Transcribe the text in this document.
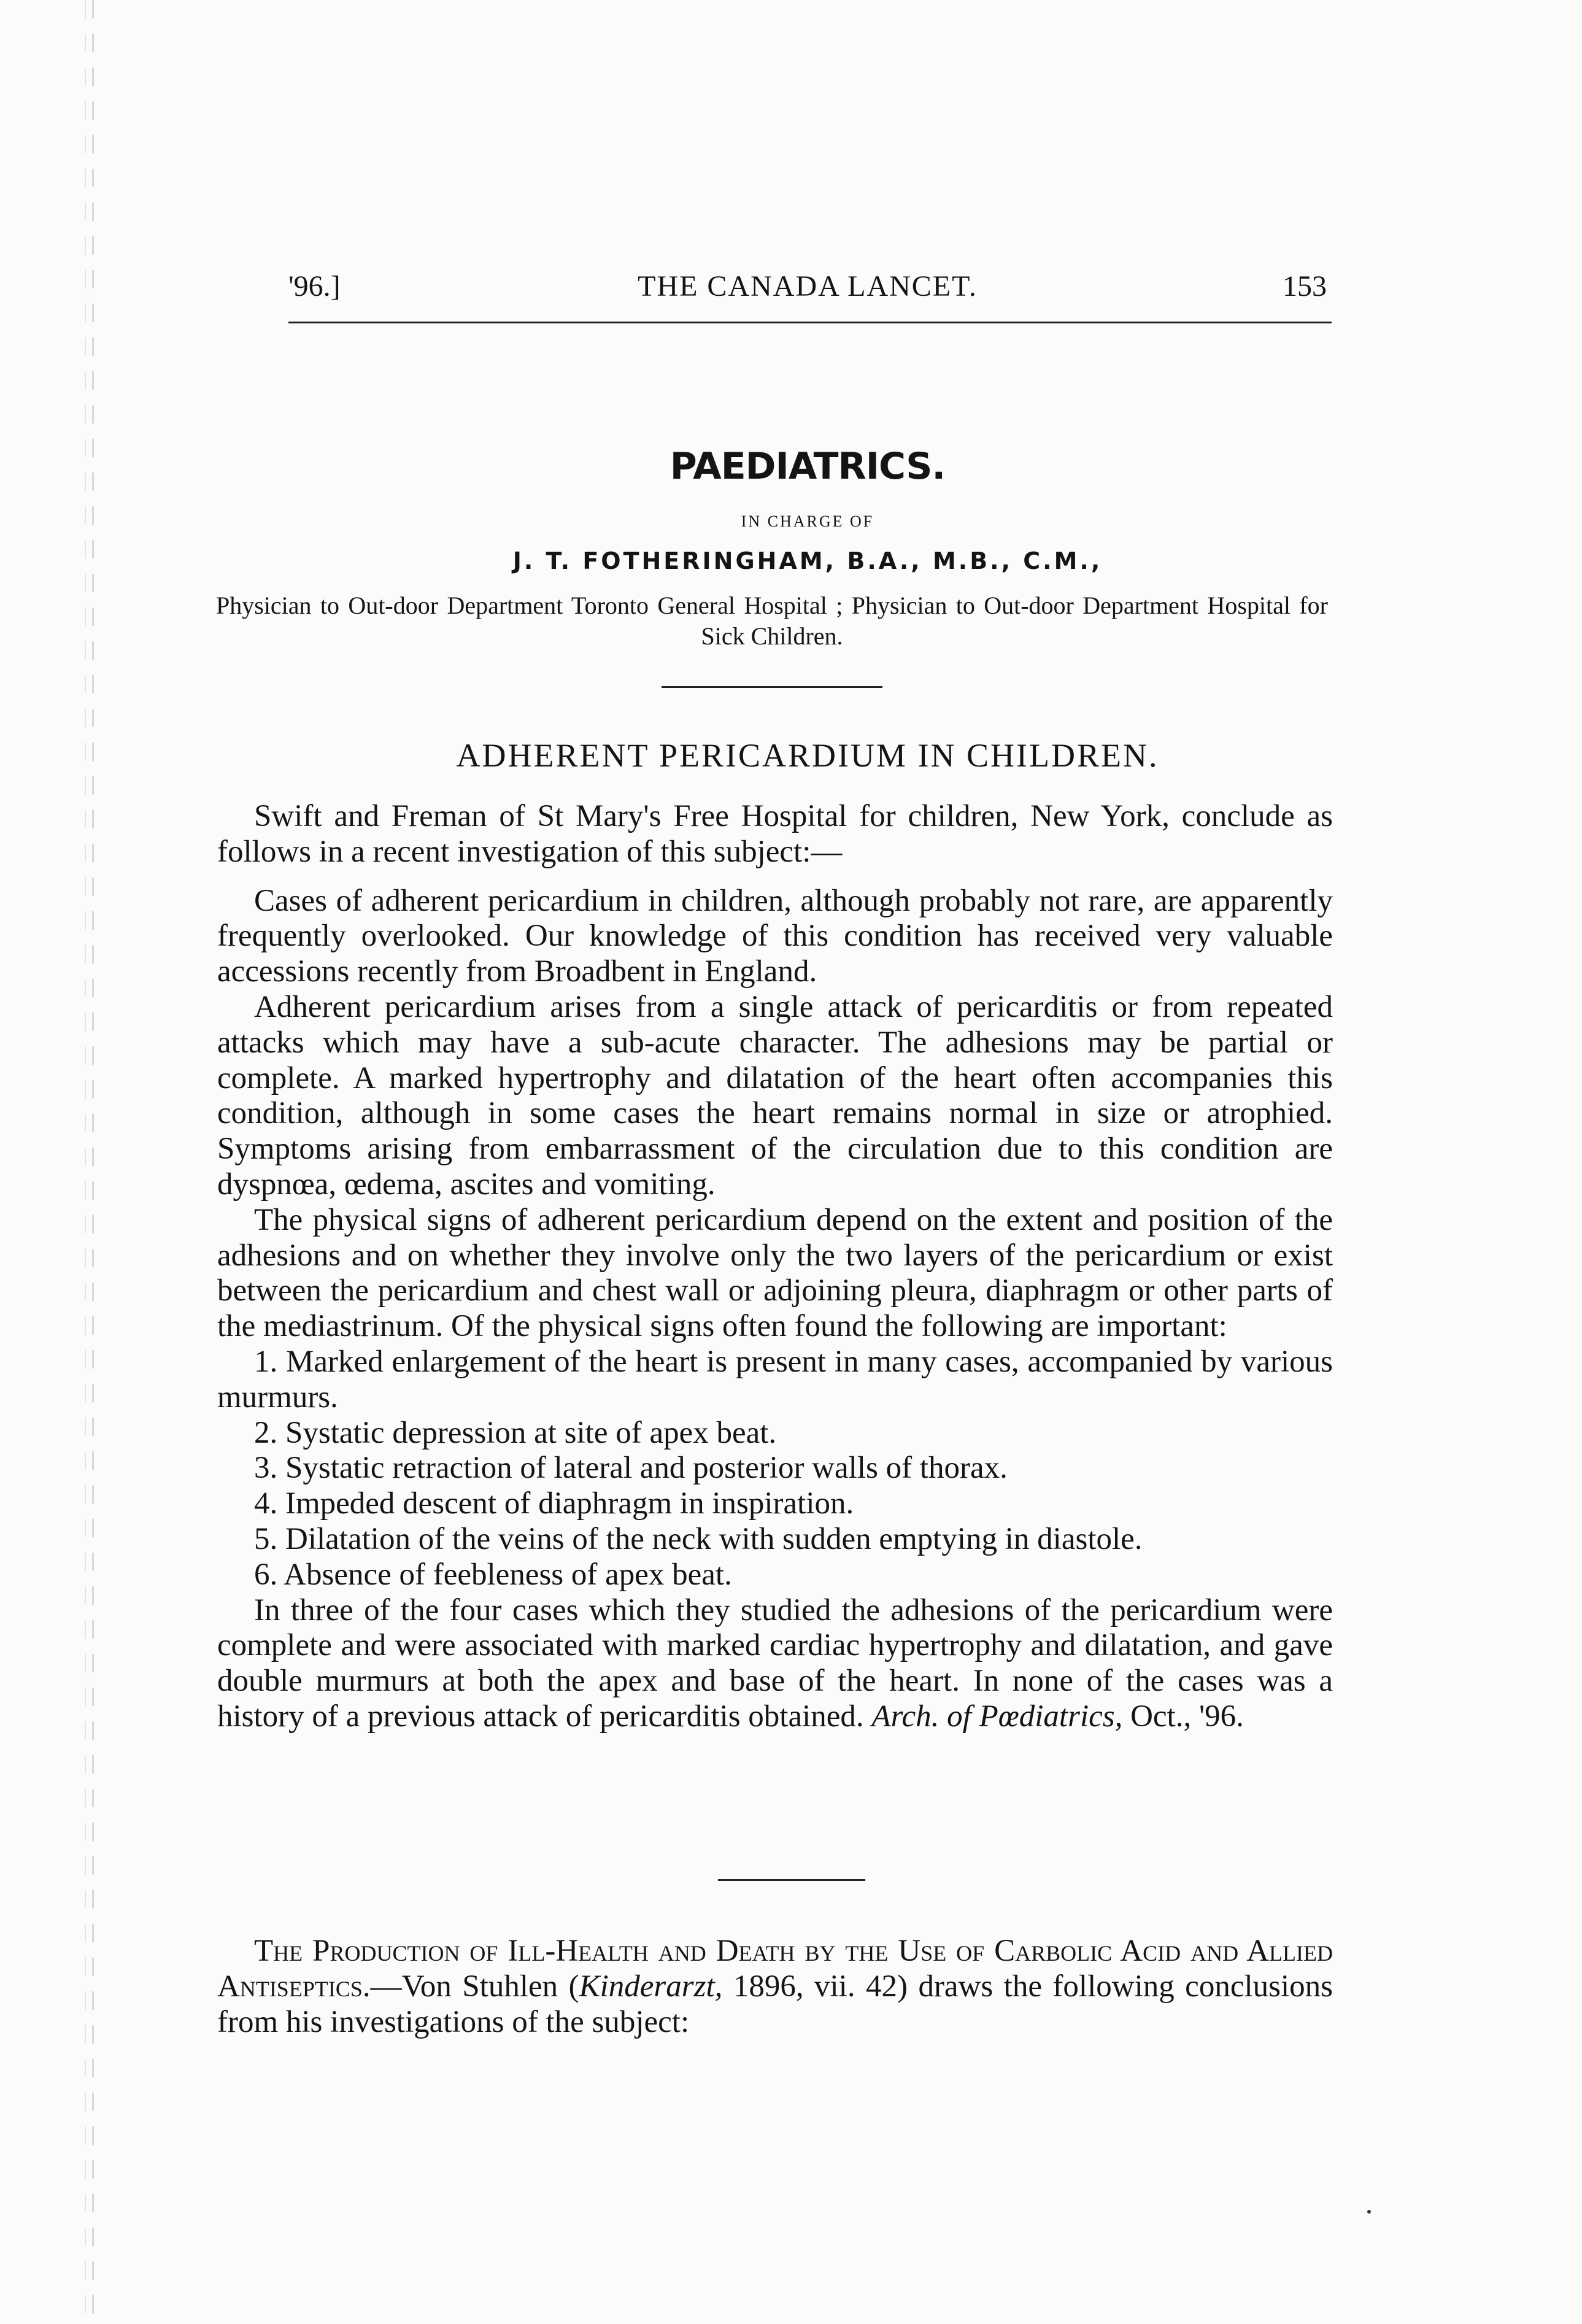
'96.]	THE CANADA LANCET.	153
PAEDIATRICS.
IN CHARGE OF
J. T. FOTHERINGHAM, B.A., M.B., C.M.,
Physician to Out-door Department Toronto General Hospital ; Physician to Out-door Department Hospital for Sick Children.
ADHERENT PERICARDIUM IN CHILDREN.

Swift and Freman of St Mary's Free Hospital for children, New York, conclude as follows in a recent investigation of this subject:—

Cases of adherent pericardium in children, although probably not rare, are apparently frequently overlooked. Our knowledge of this condition has received very valuable accessions recently from Broadbent in England.

Adherent pericardium arises from a single attack of pericarditis or from repeated attacks which may have a sub-acute character. The adhesions may be partial or complete. A marked hypertrophy and dilatation of the heart often accompanies this condition, although in some cases the heart remains normal in size or atrophied. Symptoms arising from embarrassment of the circulation due to this condition are dyspnœa, œdema, ascites and vomiting.

The physical signs of adherent pericardium depend on the extent and position of the adhesions and on whether they involve only the two layers of the pericardium or exist between the pericardium and chest wall or adjoining pleura, diaphragm or other parts of the mediastrinum. Of the physical signs often found the following are important:

1. Marked enlargement of the heart is present in many cases, accompanied by various murmurs.

2. Systatic depression at site of apex beat.

3. Systatic retraction of lateral and posterior walls of thorax.

4. Impeded descent of diaphragm in inspiration.

5. Dilatation of the veins of the neck with sudden emptying in diastole.

6. Absence of feebleness of apex beat.

In three of the four cases which they studied the adhesions of the pericardium were complete and were associated with marked cardiac hypertrophy and dilatation, and gave double murmurs at both the apex and base of the heart. In none of the cases was a history of a previous attack of pericarditis obtained. Arch. of Pœdiatrics, Oct., '96.

The Production of Ill-Health and Death by the Use of Carbolic Acid and Allied Antiseptics.—Von Stuhlen (Kinderarzt, 1896, vii. 42) draws the following conclusions from his investigations of the subject:
